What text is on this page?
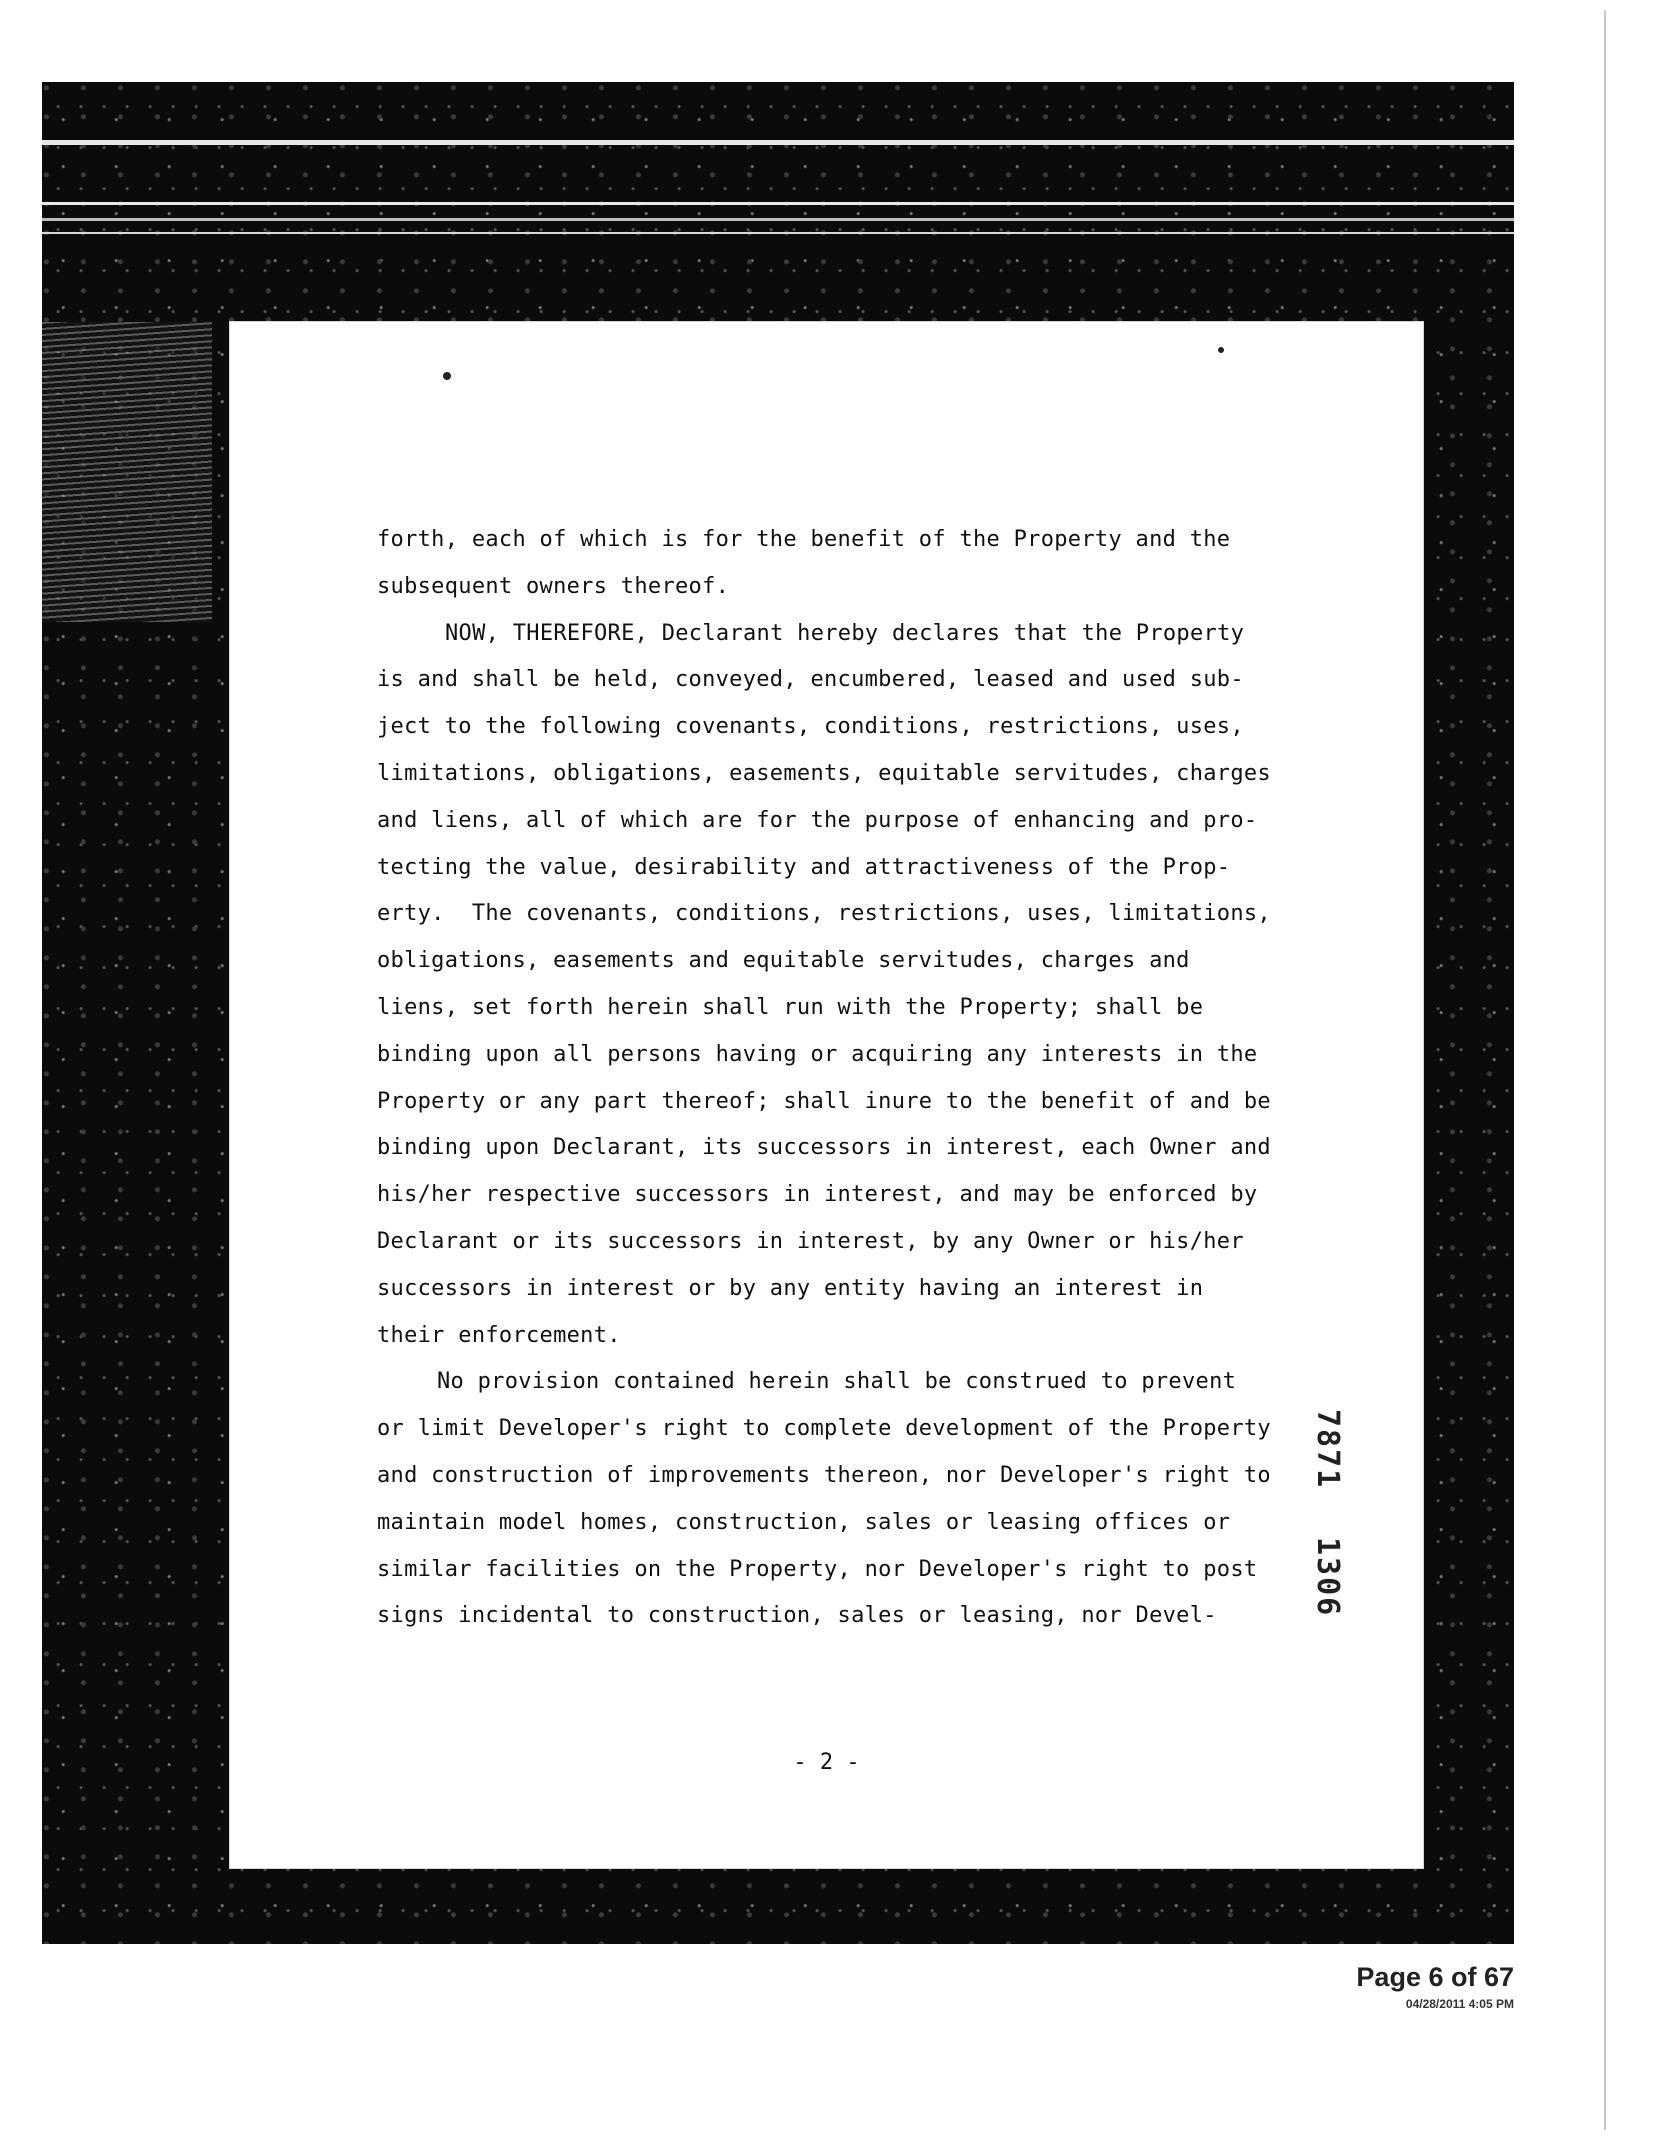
forth, each of which is for the benefit of the Property and the
subsequent owners thereof.
NOW, THEREFORE, Declarant hereby declares that the Property
is and shall be held, conveyed, encumbered, leased and used sub-
ject to the following covenants, conditions, restrictions, uses,
limitations, obligations, easements, equitable servitudes, charges
and liens, all of which are for the purpose of enhancing and pro-
tecting the value, desirability and attractiveness of the Prop-
erty.  The covenants, conditions, restrictions, uses, limitations,
obligations, easements and equitable servitudes, charges and
liens, set forth herein shall run with the Property; shall be
binding upon all persons having or acquiring any interests in the
Property or any part thereof; shall inure to the benefit of and be
binding upon Declarant, its successors in interest, each Owner and
his/her respective successors in interest, and may be enforced by
Declarant or its successors in interest, by any Owner or his/her
successors in interest or by any entity having an interest in
their enforcement.
No provision contained herein shall be construed to prevent
or limit Developer's right to complete development of the Property
and construction of improvements thereon, nor Developer's right to
maintain model homes, construction, sales or leasing offices or
similar facilities on the Property, nor Developer's right to post
signs incidental to construction, sales or leasing, nor Devel-
7871
1306
- 2 -
Page 6 of 67
04/28/2011 4:05 PM
